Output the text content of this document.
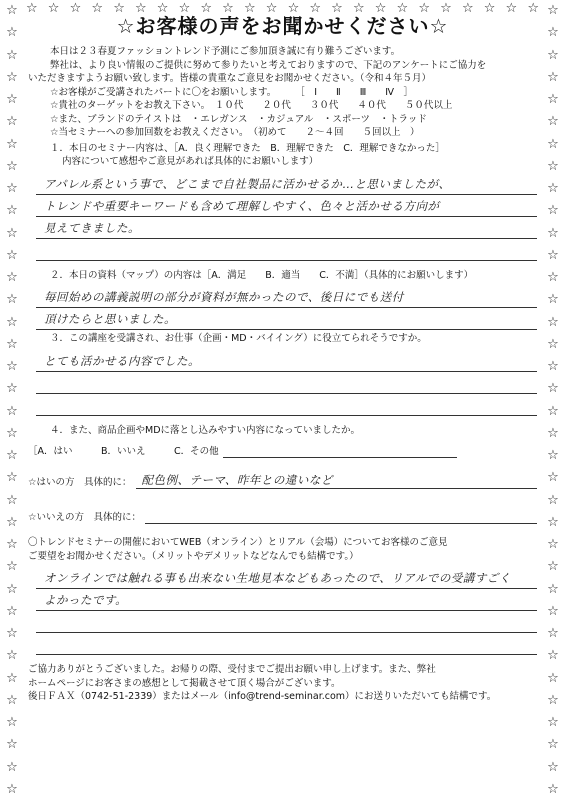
☆ ☆ ☆ ☆ ☆ ☆ ☆ ☆ ☆ ☆ ☆ ☆ ☆ ☆ ☆ ☆ ☆ ☆ ☆ ☆ ☆ ☆ ☆ ☆
☆
☆
☆
☆
☆
☆
☆
☆
☆
☆
☆
☆
☆
☆
☆
☆
☆
☆
☆
☆
☆
☆
☆
☆
☆
☆
☆
☆
☆
☆
☆
☆
☆
☆
☆
☆
☆
☆
☆
☆
☆
☆
☆
☆
☆
☆
☆
☆
☆
☆
☆
☆
☆
☆
☆
☆
☆
☆
☆
☆
☆
☆
☆
☆
☆
☆
☆
☆
☆
☆
☆
☆
☆お客様の声をお聞かせください☆
本日は２３春夏ファッショントレンド予測にご参加頂き誠に有り難うございます。
弊社は、より良い情報のご提供に努めて参りたいと考えておりますので、下記のアンケートにご協力を
いただきますようお願い致します。皆様の貴重なご意見をお聞かせください。（令和４年５月）
☆お客様がご受講されたパートに〇をお願いします。　　　［　Ⅰ　　Ⅱ　　Ⅲ　　Ⅳ　］
☆貴社のターゲットをお教え下さい。　１０代　　２０代　　３０代　　４０代　　５０代以上
☆また、ブランドのテイストは　・エレガンス　・カジュアル　・スポーツ　・トラッド
☆当セミナーへの参加回数をお教えください。　（初めて　　２～４回　　５回以上　）
１．本日のセミナー内容は、［A．良く理解できた　B．理解できた　C．理解できなかった］
内容について感想やご意見があれば具体的にお願いします）
アパレル系という事で、どこまで自社製品に活かせるか…と思いましたが、
トレンドや重要キーワードも含めて理解しやすく、色々と活かせる方向が
見えてきました。
２．本日の資料（マップ）の内容は［A．満足　　B．適当　　C．不満］（具体的にお願いします）
毎回始めの講義説明の部分が資料が無かったので、後日にでも送付
頂けたらと思いました。
３．この講座を受講され、お仕事（企画・MD・バイイング）に役立てられそうですか。
とても活かせる内容でした。
４．また、商品企画やMDに落とし込みやすい内容になっていましたか。
［A．はい　　　B．いいえ　　　C．その他
☆はいの方　具体的に： 配色例、テーマ、昨年との違いなど
☆いいえの方　具体的に：
〇トレンドセミナーの開催においてWEB（オンライン）とリアル（会場）についてお客様のご意見
ご要望をお聞かせください。（メリットやデメリットなどなんでも結構です。）
オンラインでは触れる事も出来ない生地見本などもあったので、リアルでの受講すごく
よかったです。
ご協力ありがとうございました。お帰りの際、受付までご提出お願い申し上げます。また、弊社
ホームページにお客さまの感想として掲載させて頂く場合がございます。
後日ＦＡＸ（0742-51-2339）またはメール（info@trend-seminar.com）にお送りいただいても結構です。
